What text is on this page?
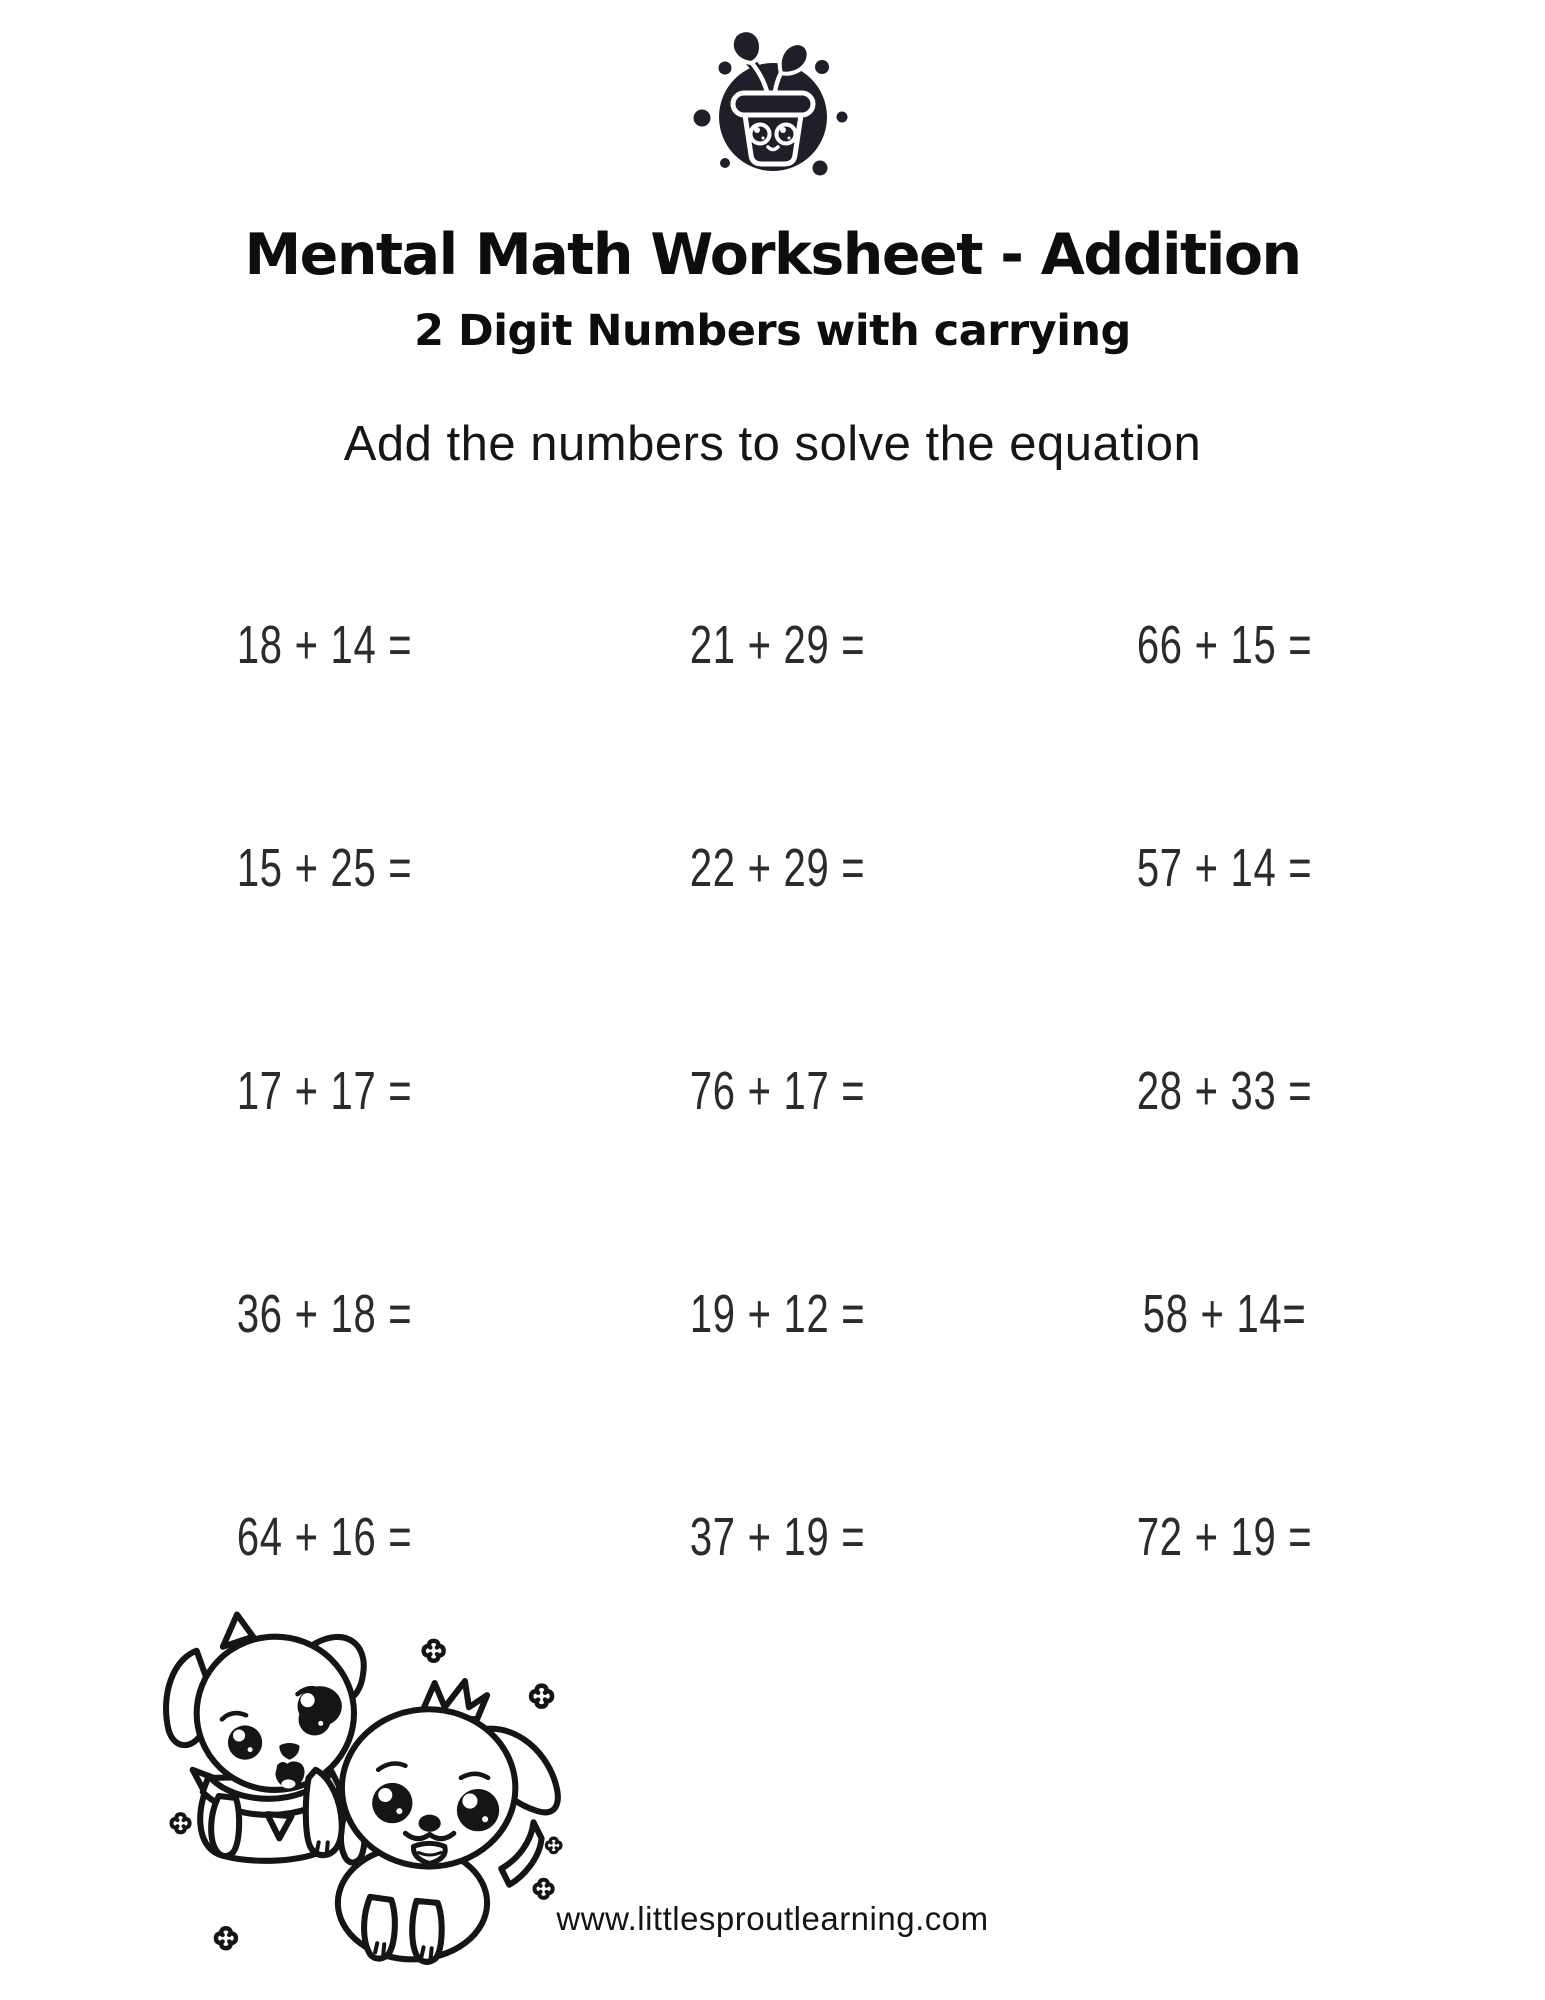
Mental Math Worksheet - Addition
2 Digit Numbers with carrying

Add the numbers to solve the equation

18 + 14 =	21 + 29 =	66 + 15 =
15 + 25 =	22 + 29 =	57 + 14 =
17 + 17 =	76 + 17 =	28 + 33 =
36 + 18 =	19 + 12 =	58 + 14=
64 + 16 =	37 + 19 =	72 + 19 =

www.littlesproutlearning.com
